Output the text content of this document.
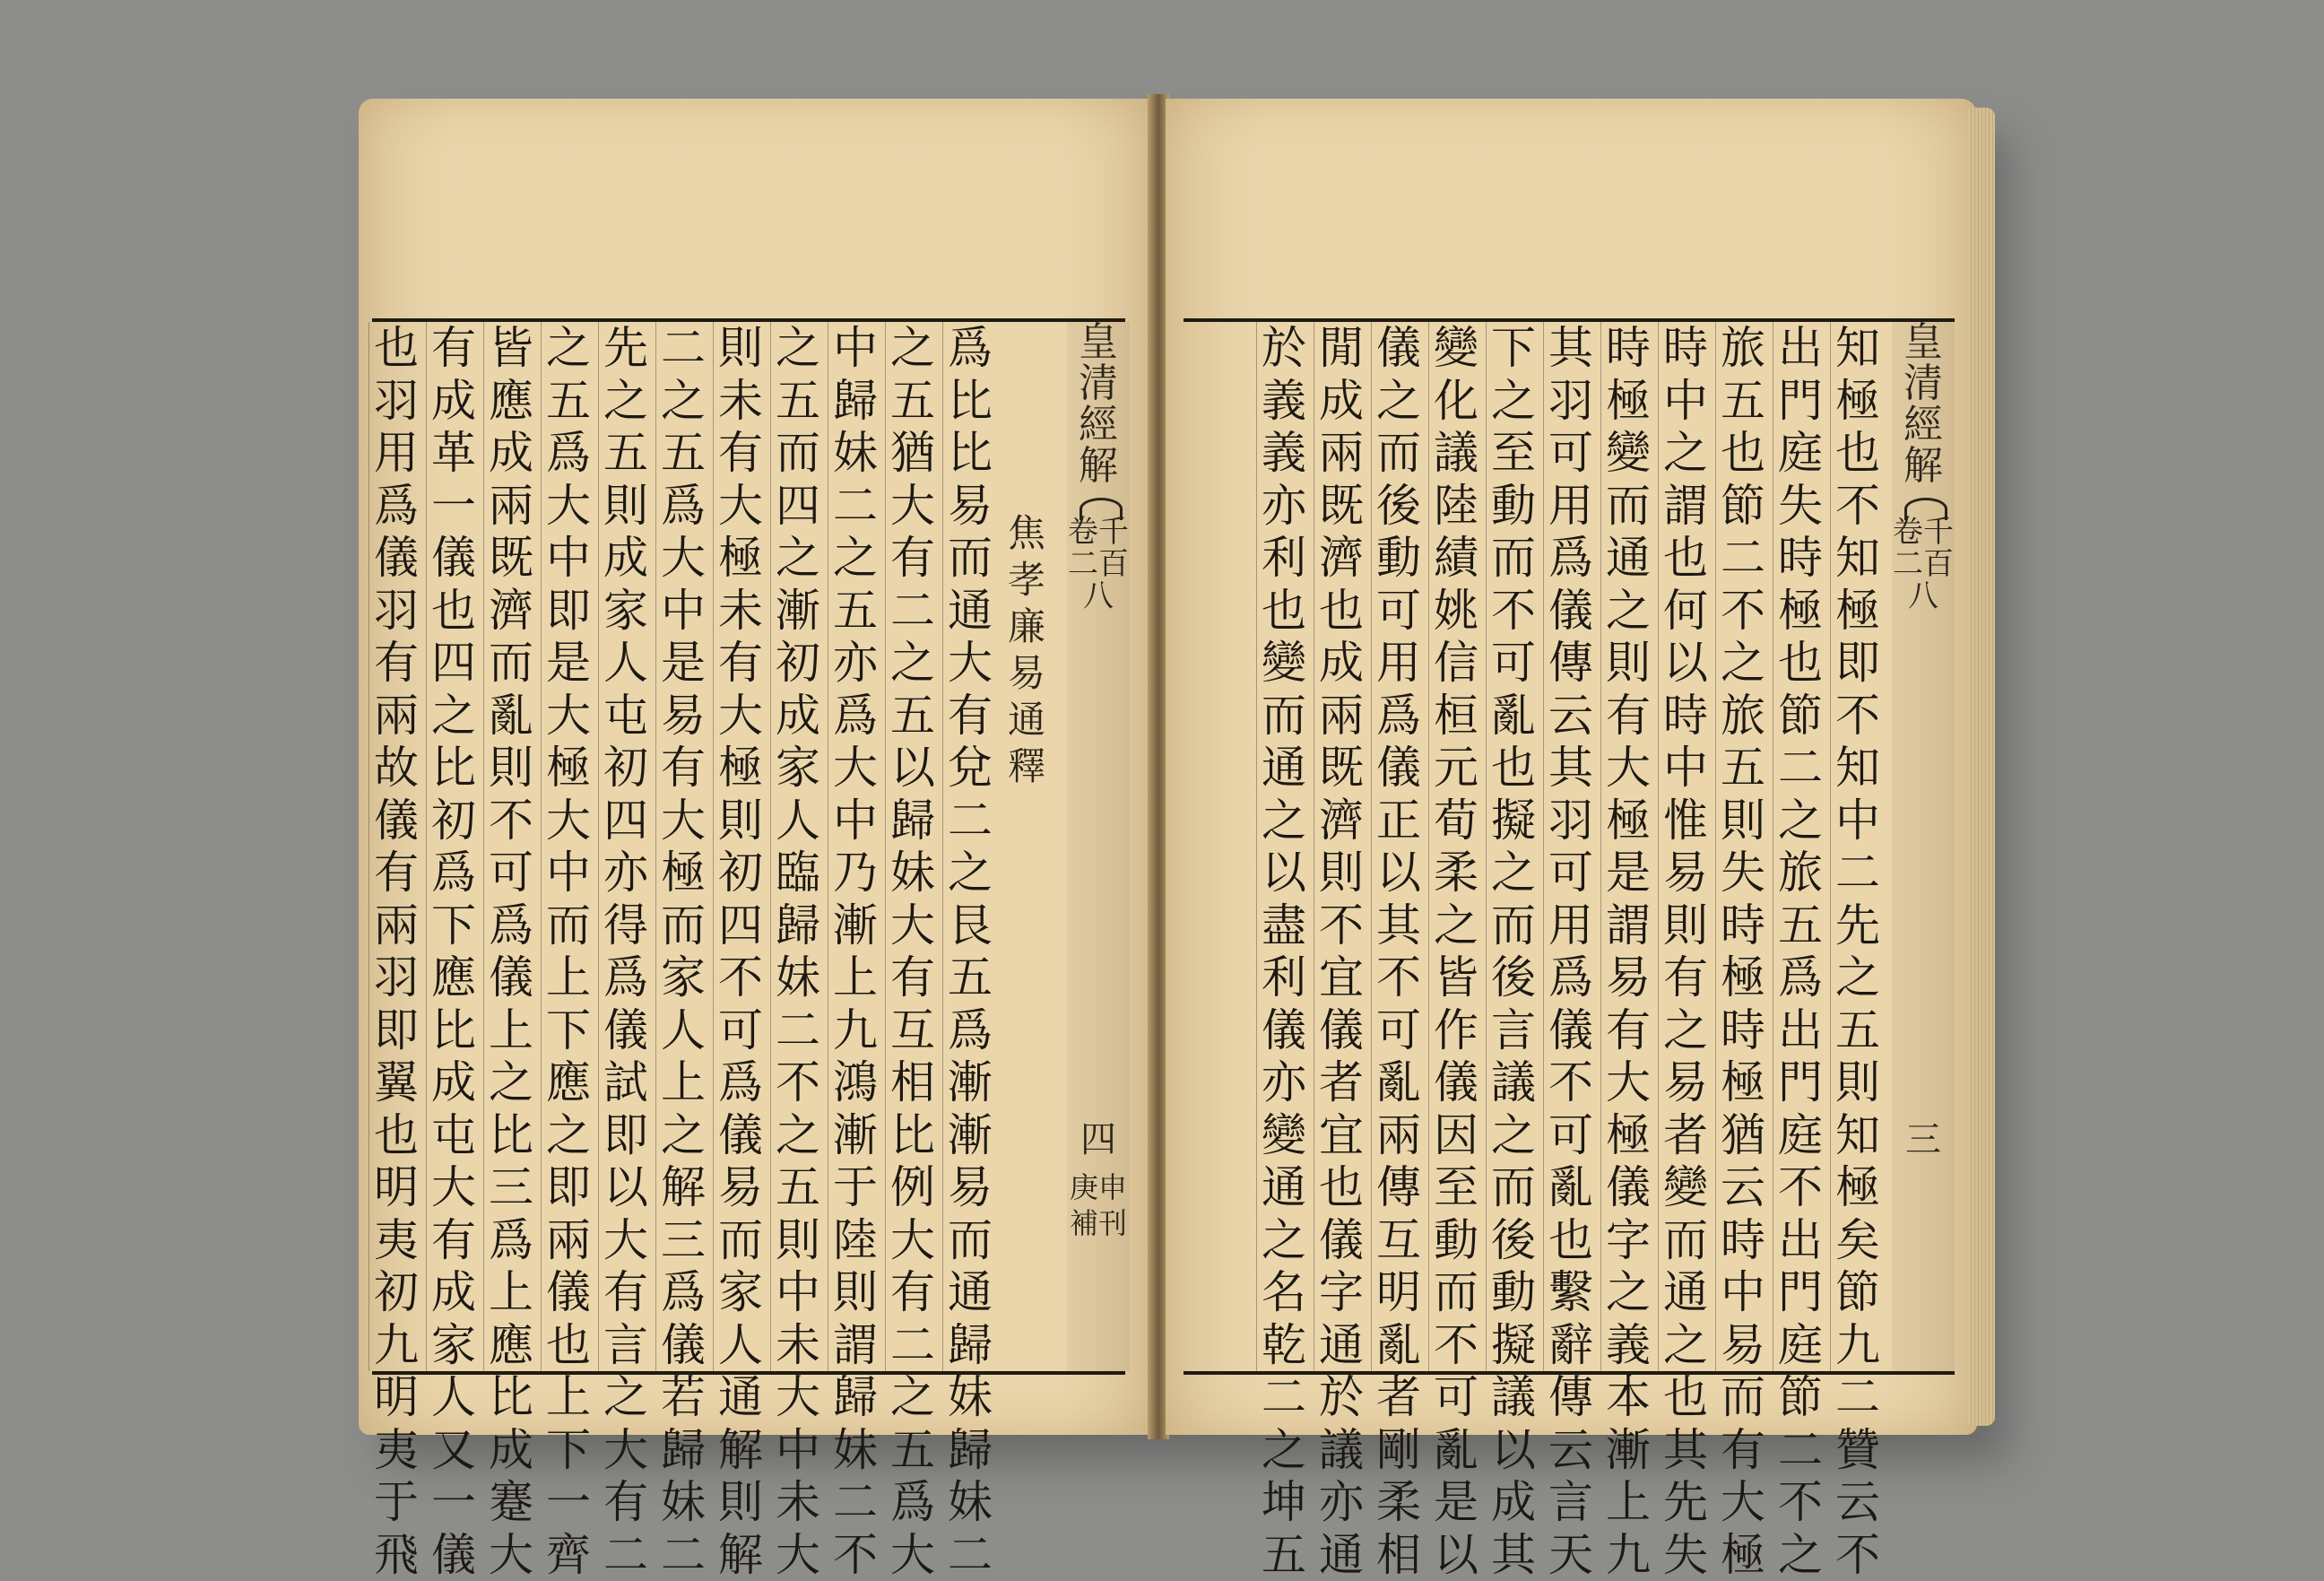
爲
比
比
易
而
通
大
有
兌
二
之
艮
五
爲
漸
漸
易
而
通
歸
妹
歸
妹
二
之
五
猶
大
有
二
之
五
以
歸
妹
大
有
互
相
比
例
大
有
二
之
五
爲
大
中
歸
妹
二
之
五
亦
爲
大
中
乃
漸
上
九
鴻
漸
于
陸
則
謂
歸
妹
二
不
之
五
而
四
之
漸
初
成
家
人
臨
歸
妹
二
不
之
五
則
中
未
大
中
未
大
則
未
有
大
極
未
有
大
極
則
初
四
不
可
爲
儀
易
而
家
人
通
解
則
解
二
之
五
爲
大
中
是
易
有
大
極
而
家
人
上
之
解
三
爲
儀
若
歸
妹
二
先
之
五
則
成
家
人
屯
初
四
亦
得
爲
儀
試
即
以
大
有
言
之
大
有
二
之
五
爲
大
中
即
是
大
極
大
中
而
上
下
應
之
即
兩
儀
也
上
下
一
齊
皆
應
成
兩
既
濟
而
亂
則
不
可
爲
儀
上
之
比
三
爲
上
應
比
成
蹇
大
有
成
革
一
儀
也
四
之
比
初
爲
下
應
比
成
屯
大
有
成
家
人
又
一
儀
也
羽
用
爲
儀
羽
有
兩
故
儀
有
兩
羽
即
翼
也
明
夷
初
九
明
夷
于
飛
皇清經解
卷千二百八
四
庚申補刊
焦孝廉易通釋
知
極
也
不
知
極
即
不
知
中
二
先
之
五
則
知
極
矣
節
九
二
贊
云
不
出
門
庭
失
時
極
也
節
二
之
旅
五
爲
出
門
庭
不
出
門
庭
節
二
不
之
旅
五
也
節
二
不
之
旅
五
則
失
時
極
時
極
猶
云
時
中
易
而
有
大
極
時
中
之
謂
也
何
以
時
中
惟
易
則
有
之
易
者
變
而
通
之
也
其
先
失
時
極
變
而
通
之
則
有
大
極
是
謂
易
有
大
極
儀
字
之
義
本
漸
上
九
其
羽
可
用
爲
儀
傳
云
其
羽
可
用
爲
儀
不
可
亂
也
繫
辭
傳
云
言
天
下
之
至
動
而
不
可
亂
也
擬
之
而
後
言
議
之
而
後
動
擬
議
以
成
其
變
化
議
陸
績
姚
信
桓
元
荀
柔
之
皆
作
儀
因
至
動
而
不
可
亂
是
以
儀
之
而
後
動
可
用
爲
儀
正
以
其
不
可
亂
兩
傳
互
明
亂
者
剛
柔
相
閒
成
兩
既
濟
也
成
兩
既
濟
則
不
宜
儀
者
宜
也
儀
字
通
於
議
亦
通
於
義
義
亦
利
也
變
而
通
之
以
盡
利
儀
亦
變
通
之
名
乾
二
之
坤
五
皇清經解
卷千二百八
三
